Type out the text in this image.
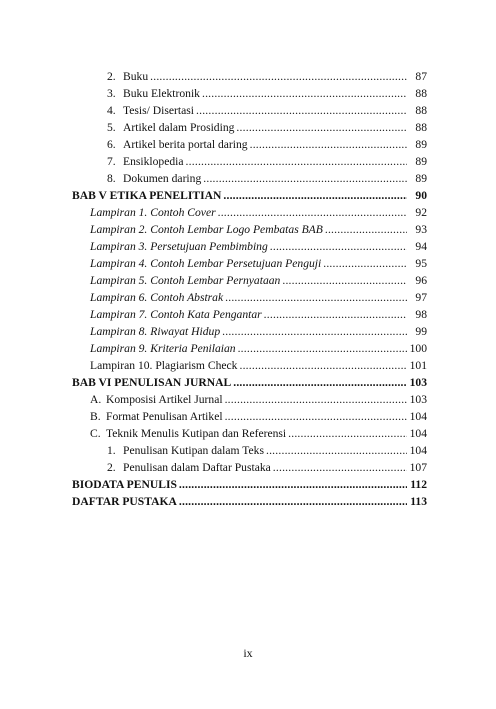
2. Buku .....	87
3. Buku Elektronik .....	88
4. Tesis/ Disertasi .....	88
5. Artikel dalam Prosiding .....	88
6. Artikel berita portal daring .....	89
7. Ensiklopedia .....	89
8. Dokumen daring .....	89
BAB V ETIKA PENELITIAN .....	90
Lampiran 1. Contoh Cover .....	92
Lampiran 2. Contoh Lembar Logo Pembatas BAB .....	93
Lampiran 3. Persetujuan Pembimbing .....	94
Lampiran 4. Contoh Lembar Persetujuan Penguji .....	95
Lampiran 5. Contoh Lembar Pernyataan .....	96
Lampiran 6. Contoh Abstrak .....	97
Lampiran 7. Contoh Kata Pengantar .....	98
Lampiran 8. Riwayat Hidup .....	99
Lampiran 9. Kriteria Penilaian .....	100
Lampiran 10. Plagiarism Check .....	101
BAB VI PENULISAN JURNAL .....	103
A. Komposisi Artikel Jurnal .....	103
B. Format Penulisan Artikel .....	104
C. Teknik Menulis Kutipan dan Referensi .....	104
1. Penulisan Kutipan dalam Teks .....	104
2. Penulisan dalam Daftar Pustaka .....	107
BIODATA PENULIS .....	112
DAFTAR PUSTAKA .....	113
ix
